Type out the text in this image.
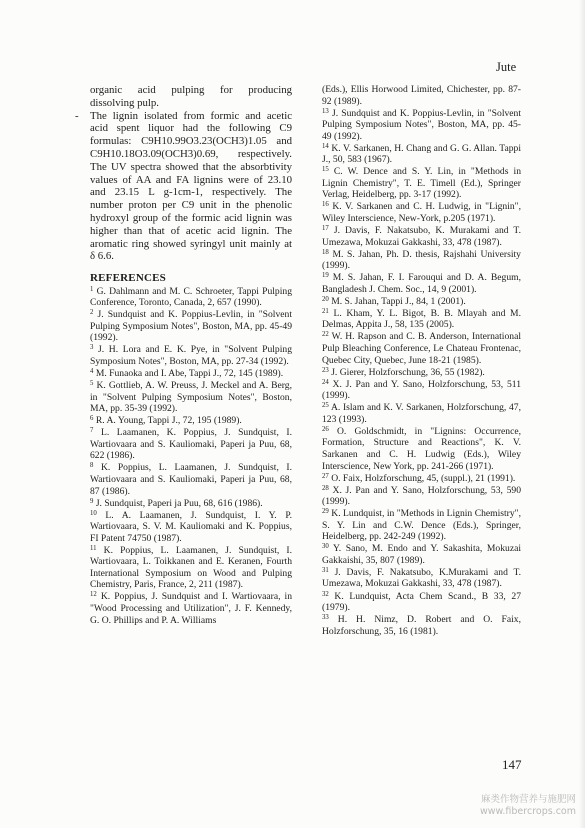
Jute
organic acid pulping for producing
dissolving pulp.
- The lignin isolated from formic and acetic acid spent liquor had the following C9 formulas: C9H10.99O3.23(OCH3)1.05 and C9H10.18O3.09(OCH3)0.69, respectively. The UV spectra showed that the absorbtivity values of AA and FA lignins were of 23.10 and 23.15 L g-1cm-1, respectively. The number proton per C9 unit in the phenolic hydroxyl group of the formic acid lignin was higher than that of acetic acid lignin. The aromatic ring showed syringyl unit mainly at δ 6.6.
REFERENCES
$^1$ G. Dahlmann and M. C. Schroeter, Tappi Pulping Conference, Toronto, Canada, 2, 657 (1990).
$^2$ J. Sundquist and K. Poppius-Levlin, in "Solvent Pulping Symposium Notes", Boston, MA, pp. 45-49 (1992).
$^3$ J. H. Lora and E. K. Pye, in "Solvent Pulping Symposium Notes", Boston, MA, pp. 27-34 (1992).
$^4$ M. Funaoka and I. Abe, Tappi J., 72, 145 (1989).
$^5$ K. Gottlieb, A. W. Preuss, J. Meckel and A. Berg, in "Solvent Pulping Symposium Notes", Boston, MA, pp. 35-39 (1992).
$^6$ R. A. Young, Tappi J., 72, 195 (1989).
$^7$ L. Laamanen, K. Poppius, J. Sundquist, I. Wartiovaara and S. Kauliomaki, Paperi ja Puu, 68, 622 (1986).
$^8$ K. Poppius, L. Laamanen, J. Sundquist, I. Wartiovaara and S. Kauliomaki, Paperi ja Puu, 68, 87 (1986).
$^9$ J. Sundquist, Paperi ja Puu, 68, 616 (1986).
$^{10}$ L. A. Laamanen, J. Sundquist, I. Y. P. Wartiovaara, S. V. M. Kauliomaki and K. Poppius, FI Patent 74750 (1987).
$^{11}$ K. Poppius, L. Laamanen, J. Sundquist, I. Wartiovaara, L. Toikkanen and E. Keranen, Fourth International Symposium on Wood and Pulping Chemistry, Paris, France, 2, 211 (1987).
$^{12}$ K. Poppius, J. Sundquist and I. Wartiovaara, in "Wood Processing and Utilization", J. F. Kennedy, G. O. Phillips and P. A. Williams
(Eds.), Ellis Horwood Limited, Chichester, pp. 87-92 (1989).
$^{13}$ J. Sundquist and K. Poppius-Levlin, in "Solvent Pulping Symposium Notes", Boston, MA, pp. 45-49 (1992).
$^{14}$ K. V. Sarkanen, H. Chang and G. G. Allan. Tappi J., 50, 583 (1967).
$^{15}$ C. W. Dence and S. Y. Lin, in "Methods in Lignin Chemistry", T. E. Timell (Ed.), Springer Verlag, Heidelberg, pp. 3-17 (1992).
$^{16}$ K. V. Sarkanen and C. H. Ludwig, in "Lignin", Wiley Interscience, New-York, p.205 (1971).
$^{17}$ J. Davis, F. Nakatsubo, K. Murakami and T. Umezawa, Mokuzai Gakkashi, 33, 478 (1987).
$^{18}$ M. S. Jahan, Ph. D. thesis, Rajshahi University (1999).
$^{19}$ M. S. Jahan, F. I. Farouqui and D. A. Begum, Bangladesh J. Chem. Soc., 14, 9 (2001).
$^{20}$ M. S. Jahan, Tappi J., 84, 1 (2001).
$^{21}$ L. Kham, Y. L. Bigot, B. B. Mlayah and M. Delmas, Appita J., 58, 135 (2005).
$^{22}$ W. H. Rapson and C. B. Anderson, International Pulp Bleaching Conference, Le Chateau Frontenac, Quebec City, Quebec, June 18-21 (1985).
$^{23}$ J. Gierer, Holzforschung, 36, 55 (1982).
$^{24}$ X. J. Pan and Y. Sano, Holzforschung, 53, 511 (1999).
$^{25}$ A. Islam and K. V. Sarkanen, Holzforschung, 47, 123 (1993).
$^{26}$ O. Goldschmidt, in "Lignins: Occurrence, Formation, Structure and Reactions", K. V. Sarkanen and C. H. Ludwig (Eds.), Wiley Interscience, New York, pp. 241-266 (1971).
$^{27}$ O. Faix, Holzforschung, 45, (suppl.), 21 (1991).
$^{28}$ X. J. Pan and Y. Sano, Holzforschung, 53, 590 (1999).
$^{29}$ K. Lundquist, in "Methods in Lignin Chemistry", S. Y. Lin and C.W. Dence (Eds.), Springer, Heidelberg, pp. 242-249 (1992).
$^{30}$ Y. Sano, M. Endo and Y. Sakashita, Mokuzai Gakkaishi, 35, 807 (1989).
$^{31}$ J. Davis, F. Nakatsubo, K.Murakami and T. Umezawa, Mokuzai Gakkashi, 33, 478 (1987).
$^{32}$ K. Lundquist, Acta Chem Scand., B 33, 27 (1979).
$^{33}$ H. H. Nimz, D. Robert and O. Faix, Holzforschung, 35, 16 (1981).
147
麻类作物营养与施肥网
www.fibercrops.com
